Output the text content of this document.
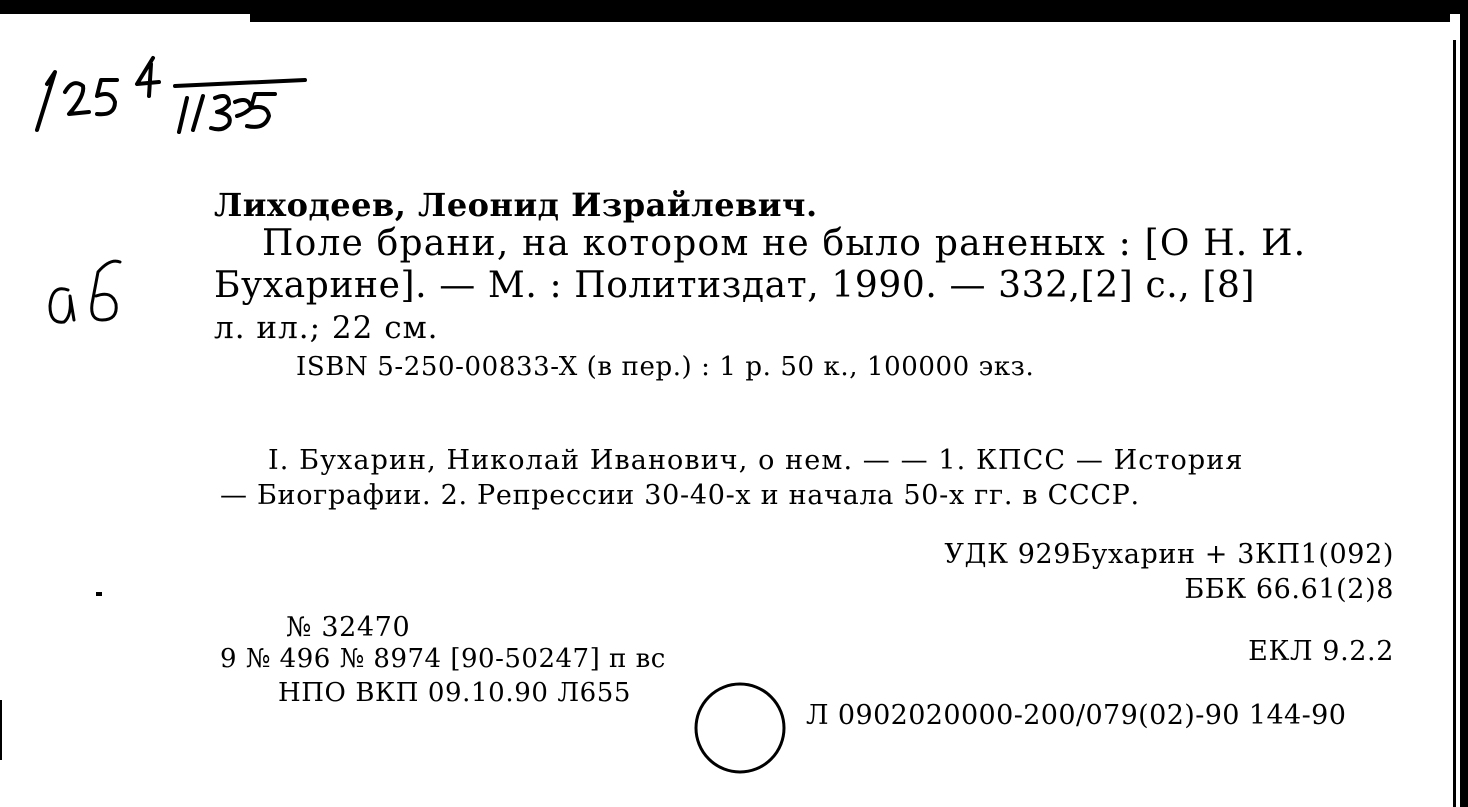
Лиходеев, Леонид Израйлевич.
Поле брани, на котором не было раненых : [О Н. И.
Бухарине]. — М. : Политиздат, 1990. — 332,[2] с., [8]
л. ил.; 22 см.
ISBN 5-250-00833-X (в пер.) : 1 р. 50 к., 100000 экз.
I. Бухарин, Николай Иванович, о нем. — — 1. КПСС — История
— Биографии. 2. Репрессии 30-40-х и начала 50-х гг. в СССР.
УДК 929Бухарин + 3КП1(092)
ББК 66.61(2)8
№ 32470
9 № 496 № 8974 [90-50247] п вс
НПО ВКП 09.10.90 Л655
ЕКЛ 9.2.2
Л 0902020000-200/079(02)-90 144-90
